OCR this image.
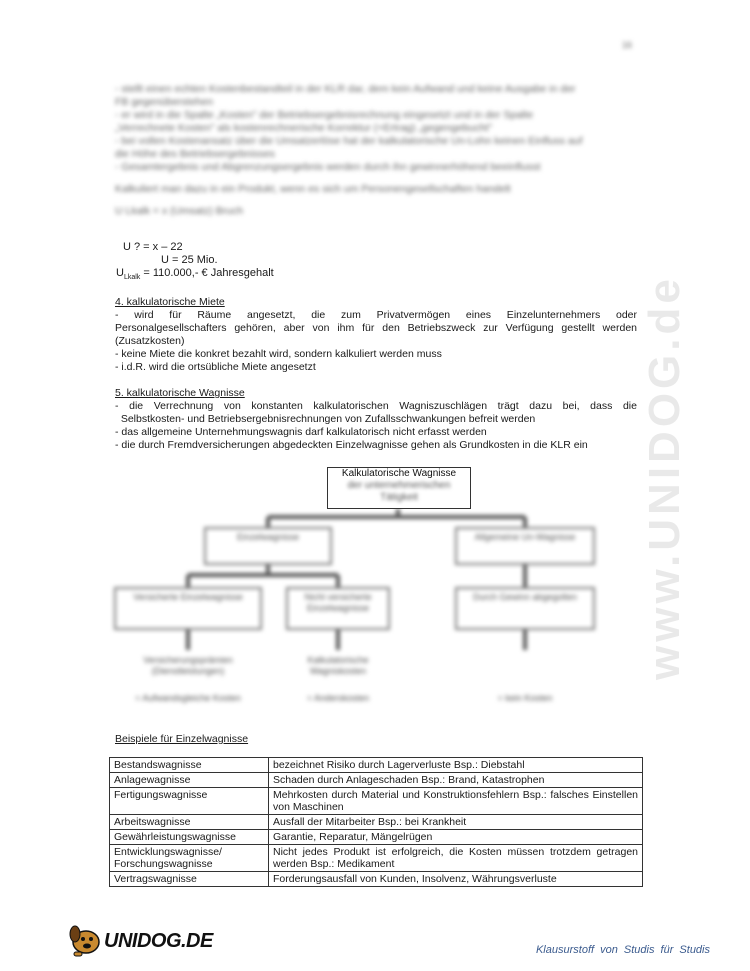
16
www.UNIDOG.de

- stellt einen echten Kostenbestandteil in der KLR dar, dem kein Aufwand und keine Ausgabe in der

FB gegenüberstehen

- er wird in die Spalte „Kosten" der Betriebsergebnisrechnung eingesetzt und in der Spalte

„Verrechnete Kosten" als kostenrechnerische Korrektur (+Ertrag) „gegengebucht"

- bei vollen Kostenansatz über die Umsatzerlöse hat der kalkulatorische Un-Lohn keinen Einfluss auf

die Höhe des Betriebsergebnisses

- Gesamtergebnis und Abgrenzungsergebnis werden durch ihn gewinnerhöhend beeinflusst

Kalkuliert man dazu in ein Produkt, wenn es sich um Personengesellschaften handelt

U Lkalk = x (Umsatz) Bruch

U ? = x – 22
U = 25 Mio.
$U_{Lkalk} = 110.000,-$ € Jahresgehalt

4. kalkulatorische Miete

- wird für Räume angesetzt, die zum Privatvermögen eines Einzelunternehmers oder

Personalgesellschafters gehören, aber von ihm für den Betriebszweck zur Verfügung gestellt werden

(Zusatzkosten)

- keine Miete die konkret bezahlt wird, sondern kalkuliert werden muss

- i.d.R. wird die ortsübliche Miete angesetzt

5. kalkulatorische Wagnisse

- die Verrechnung von konstanten kalkulatorischen Wagniszuschlägen trägt dazu bei, dass die

Selbstkosten- und Betriebsergebnisrechnungen von Zufallsschwankungen befreit werden

- das allgemeine Unternehmungswagnis darf kalkulatorisch nicht erfasst werden

- die durch Fremdversicherungen abgedeckten Einzelwagnisse gehen als Grundkosten in die KLR ein

Einzelwagnisse	Allgemeine Un-Wagnisse
Versicherte Einzelwagnisse	Nicht versicherte Einzelwagnisse
Durch Gewinn abgegolten
Versicherungsprämien (Dienstleistungen)
Kalkulatorische Wagniskosten
= Aufwandsgleiche Kosten	= Anderskosten	= kein Kosten
Kalkulatorische Wagnisse
der unternehmerischen
Tätigkeit
Beispiele für Einzelwagnisse
Bestandswagnisse	bezeichnet Risiko durch Lagerverluste Bsp.: Diebstahl
Anlagewagnisse	Schaden durch Anlageschaden Bsp.: Brand, Katastrophen
Fertigungswagnisse	Mehrkosten durch Material und Konstruktionsfehlern Bsp.: falsches Einstellen von Maschinen
Arbeitswagnisse	Ausfall der Mitarbeiter Bsp.: bei Krankheit
Gewährleistungswagnisse	Garantie, Reparatur, Mängelrügen
Entwicklungswagnisse/ Forschungswagnisse	Nicht jedes Produkt ist erfolgreich, die Kosten müssen trotzdem getragen werden Bsp.: Medikament
Vertragswagnisse	Forderungsausfall von Kunden, Insolvenz, Währungsverluste
UNIDOG.DE	Klausurstoff von Studis für Studis
